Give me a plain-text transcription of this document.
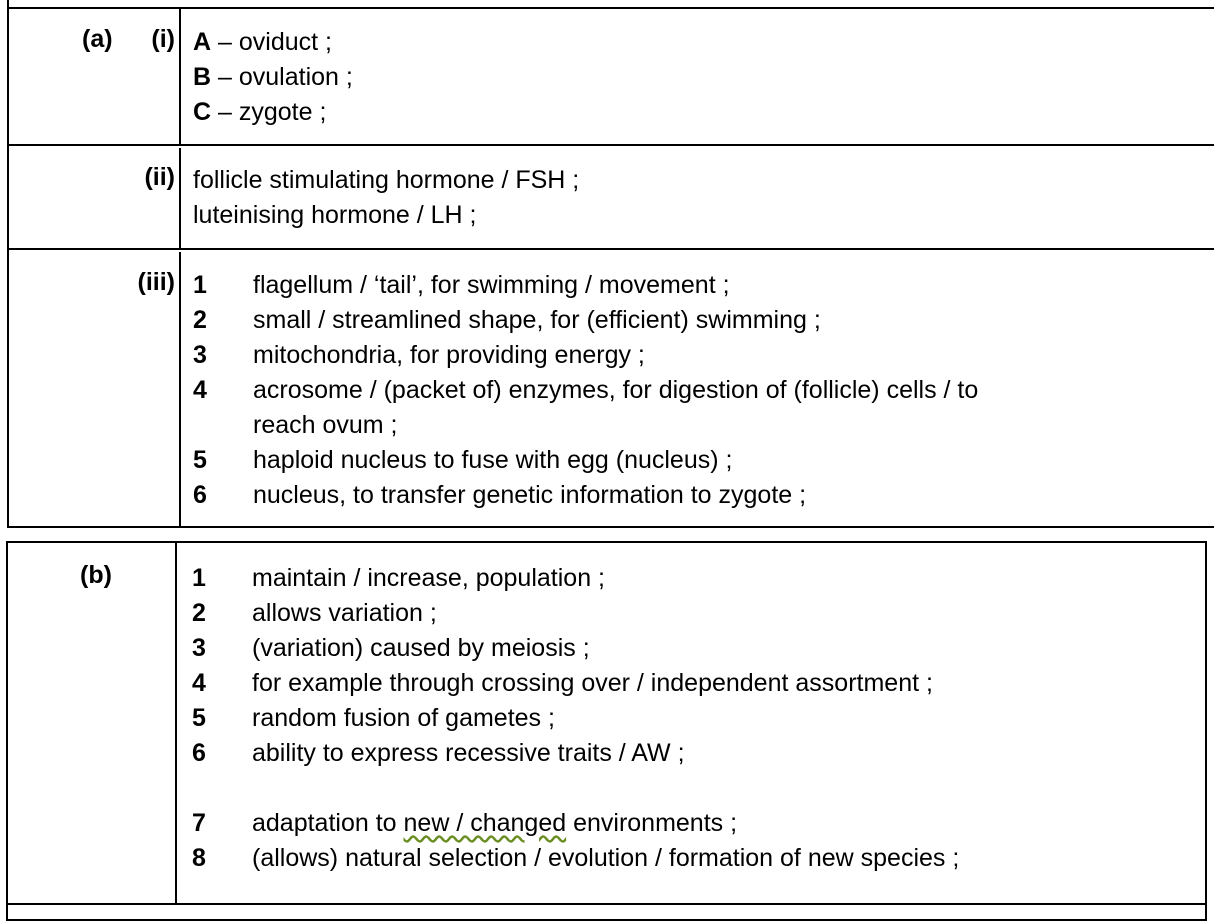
(a) (i) A – oviduct ;
B – ovulation ;
C – zygote ;
(ii) follicle stimulating hormone / FSH ;
luteinising hormone / LH ;
(iii) 1 flagellum / ‘tail’, for swimming / movement ;
2 small / streamlined shape, for (efficient) swimming ;
3 mitochondria, for providing energy ;
4 acrosome / (packet of) enzymes, for digestion of (follicle) cells / to
reach ovum ;
5 haploid nucleus to fuse with egg (nucleus) ;
6 nucleus, to transfer genetic information to zygote ;
(b)	1 maintain / increase, population ;
2 allows variation ;
3 (variation) caused by meiosis ;
4 for example through crossing over / independent assortment ;
5 random fusion of gametes ;
6 ability to express recessive traits / AW ;
7 adaptation to new / changed environments ;
8 (allows) natural selection / evolution / formation of new species ;
